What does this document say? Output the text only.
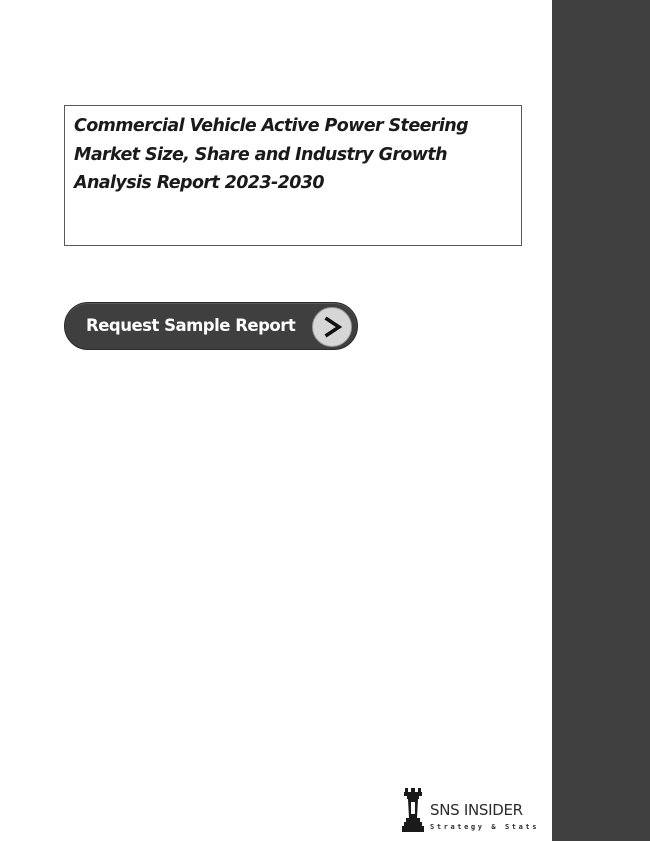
Commercial Vehicle Active Power Steering Market Size, Share and Industry Growth Analysis Report 2023-2030

Request Sample Report
SNS INSIDER
Strategy & Stats
